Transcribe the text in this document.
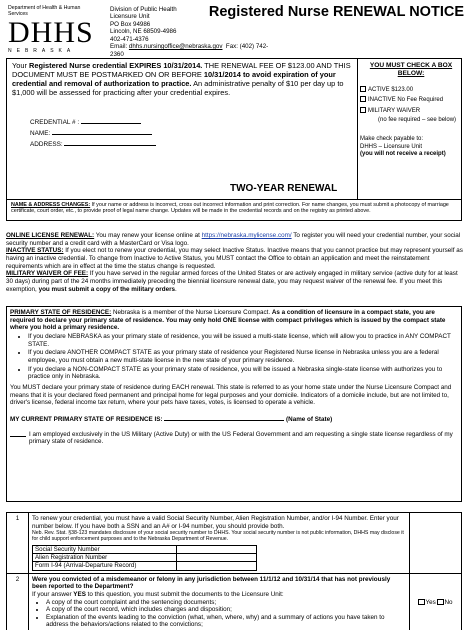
Department of Health & Human Services
DHHS
NEBRASKA
Division of Public Health
Licensure Unit
PO Box 94986
Lincoln, NE 68509-4986
402-471-4376
Email: dhhs.nursingoffice@nebraska.gov Fax: (402) 742-2360
Registered Nurse RENEWAL NOTICE
Your Registered Nurse credential EXPIRES 10/31/2014. THE RENEWAL FEE OF $123.00 AND THIS DOCUMENT MUST BE POSTMARKED ON OR BEFORE 10/31/2014 to avoid expiration of your credential and removal of authorization to practice. An administrative penalty of $10 per day up to $1,000 will be assessed for practicing after your credential expires.
CREDENTIAL # :
NAME:
ADDRESS:
TWO-YEAR RENEWAL
YOU MUST CHECK A BOX BELOW:
ACTIVE $123.00
INACTIVE No Fee Required
MILITARY WAIVER
(no fee required – see below)
Make check payable to:
DHHS – Licensure Unit
(you will not receive a receipt)
NAME & ADDRESS CHANGES: If your name or address is incorrect, cross out incorrect information and print correction. For name changes, you must submit a photocopy of marriage certificate, court order, etc., to provide proof of legal name change. Updates will be made in the credential records and on the registry as printed above.
ONLINE LICENSE RENEWAL: You may renew your license online at https://nebraska.mylicense.com/ To register you will need your credential number, your social security number and a credit card with a MasterCard or Visa logo.
INACTIVE STATUS: If you elect not to renew your credential, you may select Inactive Status. Inactive means that you cannot practice but may represent yourself as having an inactive credential. To change from Inactive to Active Status, you MUST contact the Office to obtain an application and meet the reinstatement requirements which are in effect at the time the status change is requested.
MILITARY WAIVER OF FEE: If you have served in the regular armed forces of the United States or are actively engaged in military service (active duty for at least 30 days) during part of the 24 months immediately preceding the biennial licensure renewal date, you may request waiver of the renewal fee. If you meet this exemption, you must submit a copy of the military orders.
PRIMARY STATE OF RESIDENCE: Nebraska is a member of the Nurse Licensure Compact. As a condition of licensure in a compact state, you are required to declare your primary state of residence. You may only hold ONE license with compact privileges which is issued by the compact state where you hold a primary residence.
• If you declare NEBRASKA as your primary state of residence, you will be issued a multi-state license, which will allow you to practice in ANY COMPACT STATE.
• If you declare ANOTHER COMPACT STATE as your primary state of residence your Registered Nurse license in Nebraska unless you are a federal employee, you must obtain a new multi-state license in the new state of your primary residence.
• If you declare a NON-COMPACT STATE as your primary state of residence, you will be issued a Nebraska single-state license with authorizes you to practice only in Nebraska.

You MUST declare your primary state of residence during EACH renewal. This state is referred to as your home state under the Nurse Licensure Compact and means that it is your declared fixed permanent and principal home for legal purposes and your domicile. Indicators of a domicile include, but are not limited to, driver's license, federal income tax return, where your pets have taxes, votes, is licensed to operate a vehicle.

MY CURRENT PRIMARY STATE OF RESIDENCE IS:	(Name of State)

I am employed exclusively in the US Military (Active Duty) or with the US Federal Government and am requesting a single state license regardless of my primary state of residence.
1	To renew your credential, you must have a valid Social Security Number, Alien Registration Number, and/or I-94 Number. Enter your number below. If you have both a SSN and an A# or I-94 number, you should provide both.
Neb. Rev. Stat. §38-123 mandates disclosure of your social security number to DHHS. Your social security number is not public information, DHHS may disclose it for child support enforcement purposes and to the Nebraska Department of Revenue.
Social Security Number	
Alien Registration Number	
Form I-94 (Arrival-Departure Record)	

2	Were you convicted of a misdemeanor or felony in any jurisdiction between 11/1/12 and 10/31/14 that has not previously been reported to the Department?
If your answer YES to this question, you must submit the documents to the Licensure Unit:
• A copy of the court complaint and the sentencing documents;
• A copy of the court record, which includes charges and disposition;
• Explanation of the events leading to the conviction (what, when, where, why) and a summary of actions you have taken to address the behaviors/actions related to the convictions;
	Yes No
